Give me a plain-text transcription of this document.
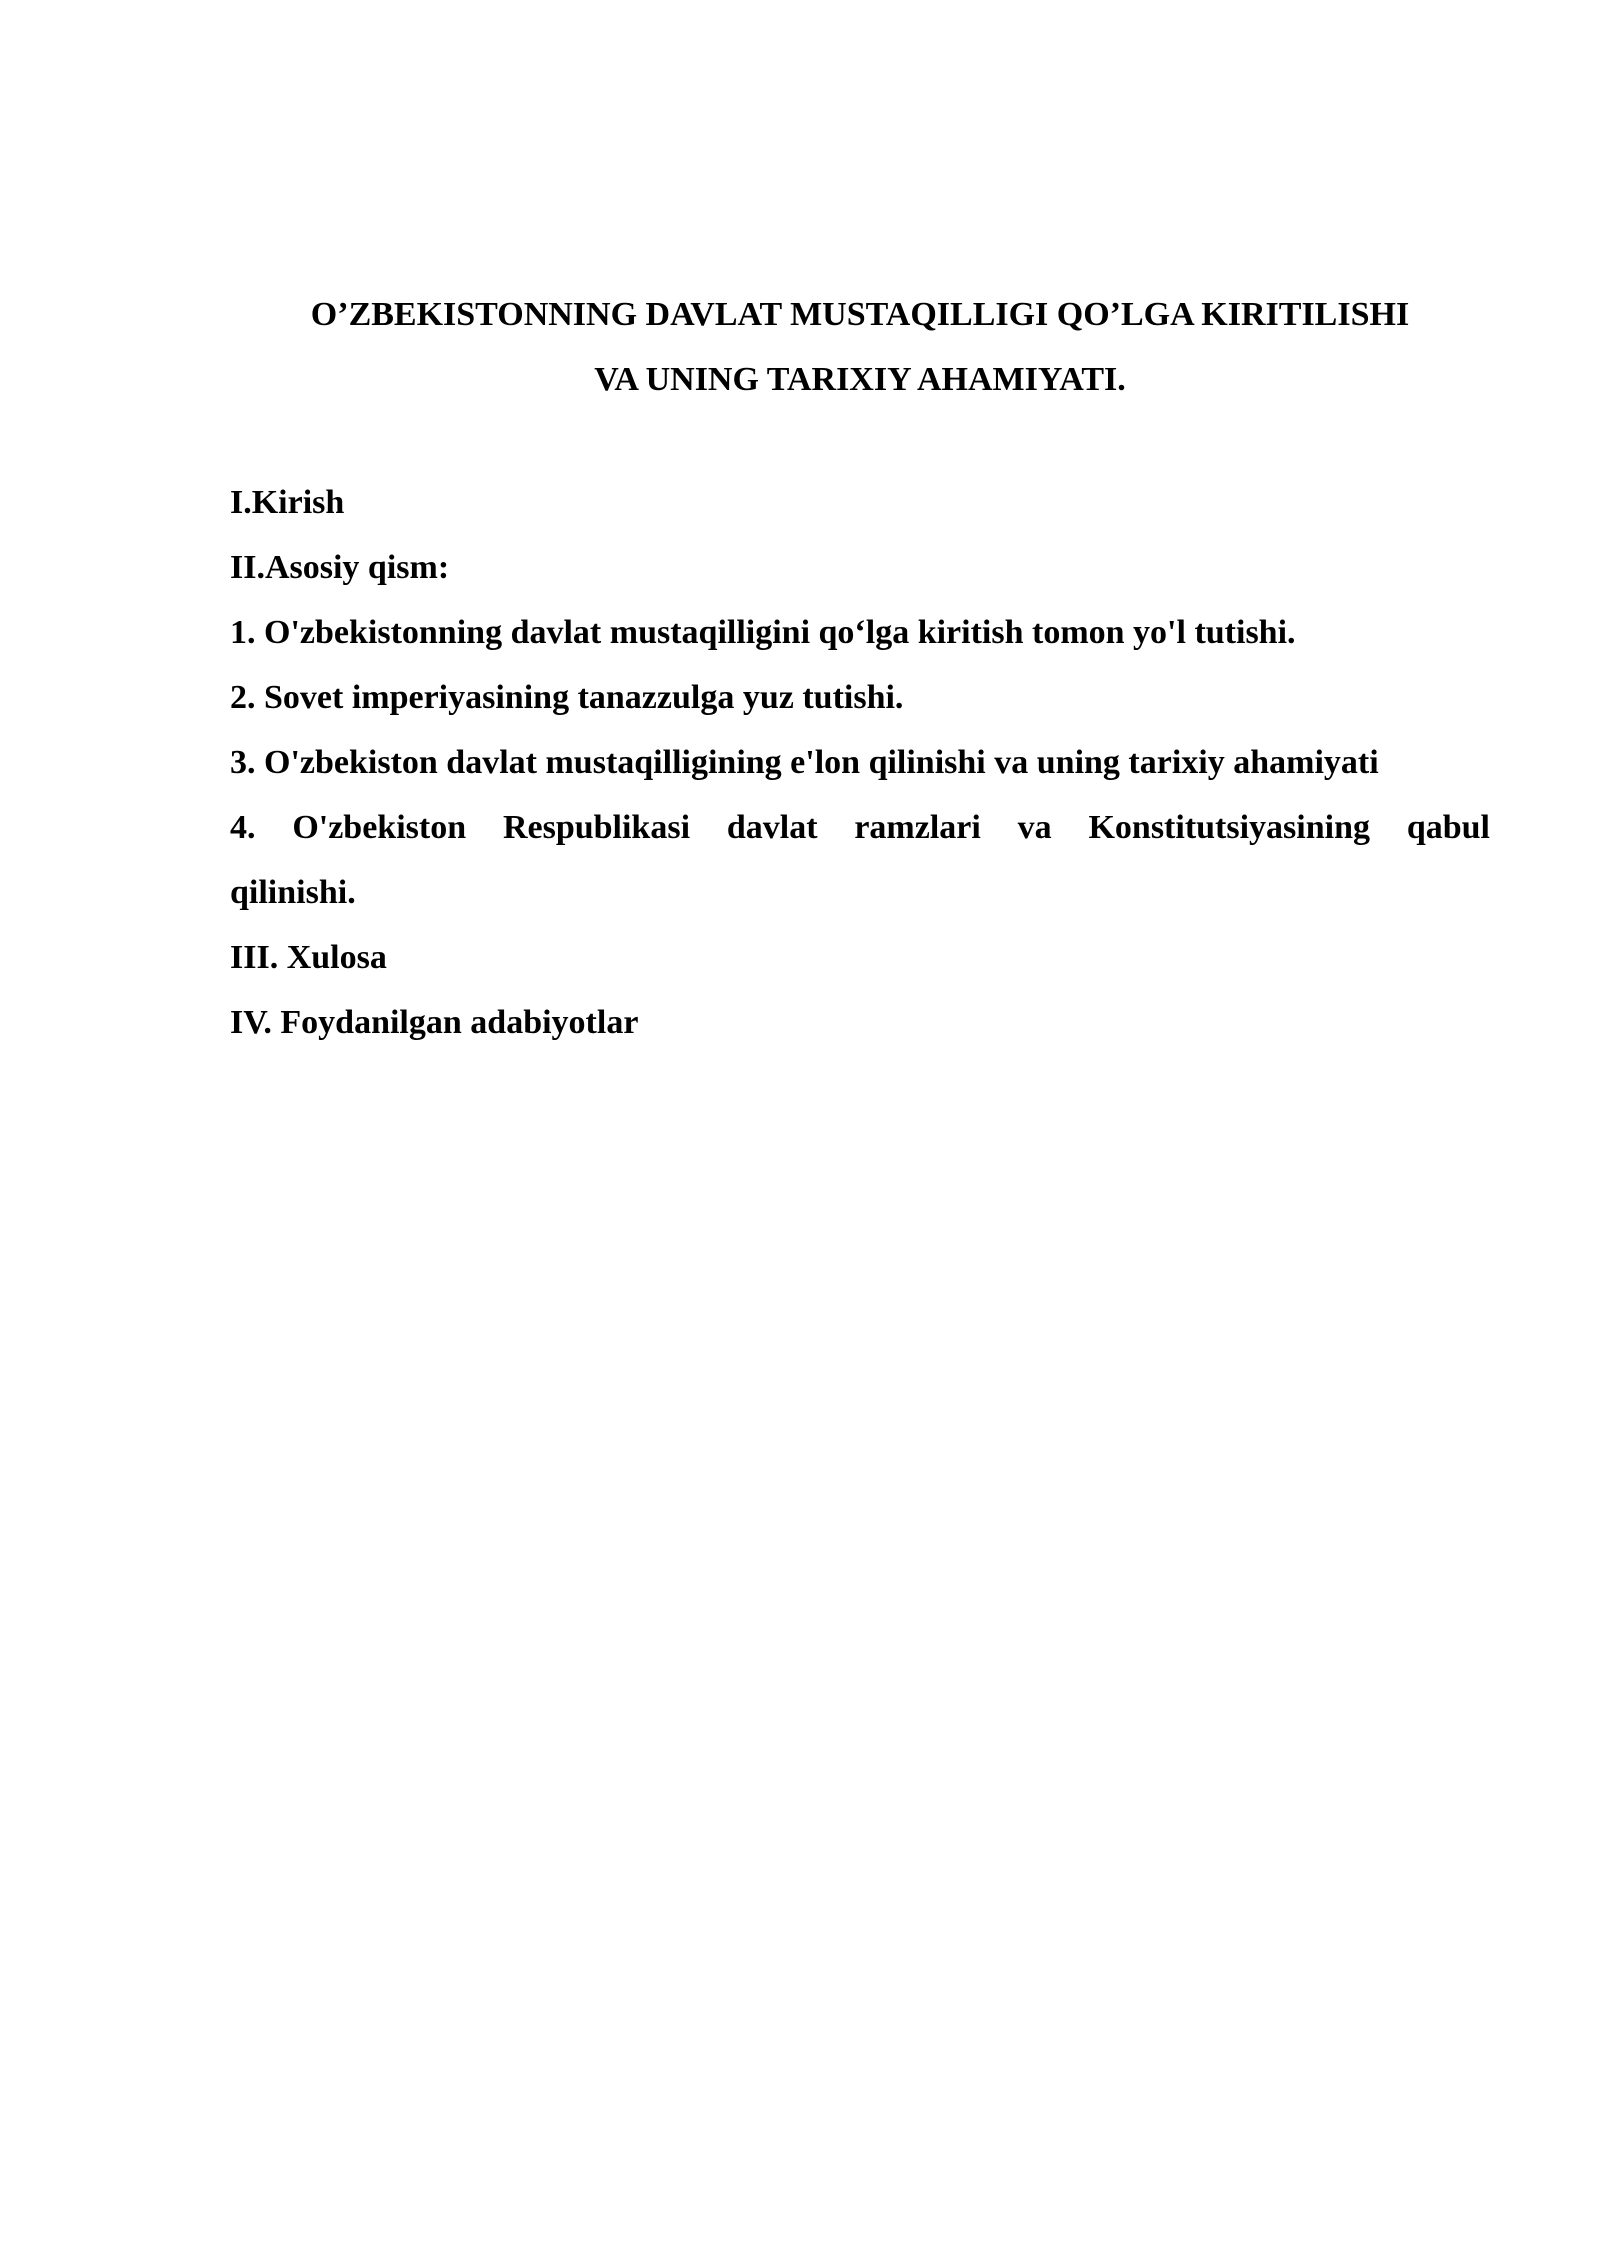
O’ZBEKISTONNING DAVLAT MUSTAQILLIGI QO’LGA KIRITILISHI
VA UNING TARIXIY AHAMIYATI.
I.Kirish
II.Asosiy qism:
1. O'zbekistonning davlat mustaqilligini qo‘lga kiritish tomon yo'l tutishi.
2. Sovet imperiyasining tanazzulga yuz tutishi.
3. O'zbekiston davlat mustaqilligining e'lon qilinishi va uning tarixiy ahamiyati
4. O'zbekiston Respublikasi davlat ramzlari va Konstitutsiyasining qabul
qilinishi.
III. Xulosa
IV. Foydanilgan adabiyotlar
